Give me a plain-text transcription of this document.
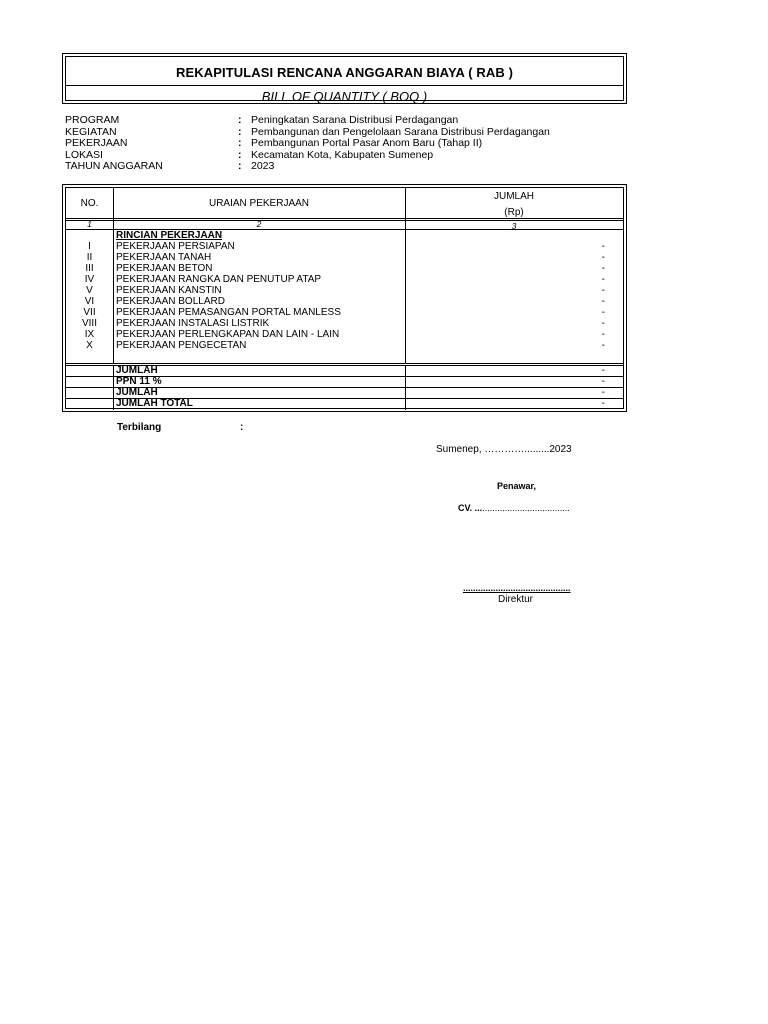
REKAPITULASI RENCANA ANGGARAN BIAYA ( RAB )
BILL OF QUANTITY ( BOQ )
PROGRAM	: Peningkatan Sarana Distribusi Perdagangan
KEGIATAN	: Pembangunan dan Pengelolaan Sarana Distribusi Perdagangan
PEKERJAAN	: Pembangunan Portal Pasar Anom Baru (Tahap II)
LOKASI	: Kecamatan Kota, Kabupaten Sumenep
TAHUN ANGGARAN	: 2023
NO.	URAIAN PEKERJAAN
JUMLAH
(Rp)
1	2	3
RINCIAN PEKERJAAN
I	PEKERJAAN PERSIAPAN	-
II	PEKERJAAN TANAH	-
III	PEKERJAAN BETON	-
IV	PEKERJAAN RANGKA DAN PENUTUP ATAP	-
V	PEKERJAAN KANSTIN	-
VI	PEKERJAAN BOLLARD	-
VII	PEKERJAAN PEMASANGAN PORTAL MANLESS	-
VIII	PEKERJAAN INSTALASI LISTRIK	-
IX	PEKERJAAN PERLENGKAPAN DAN LAIN - LAIN	-
X	PEKERJAAN PENGECETAN	-
JUMLAH	-
PPN 11 %	-
JUMLAH	-
JUMLAH TOTAL	-
Terbilang	:
Sumenep, ………….........2023
Penawar,
CV. ......................................
...........................................
Direktur
